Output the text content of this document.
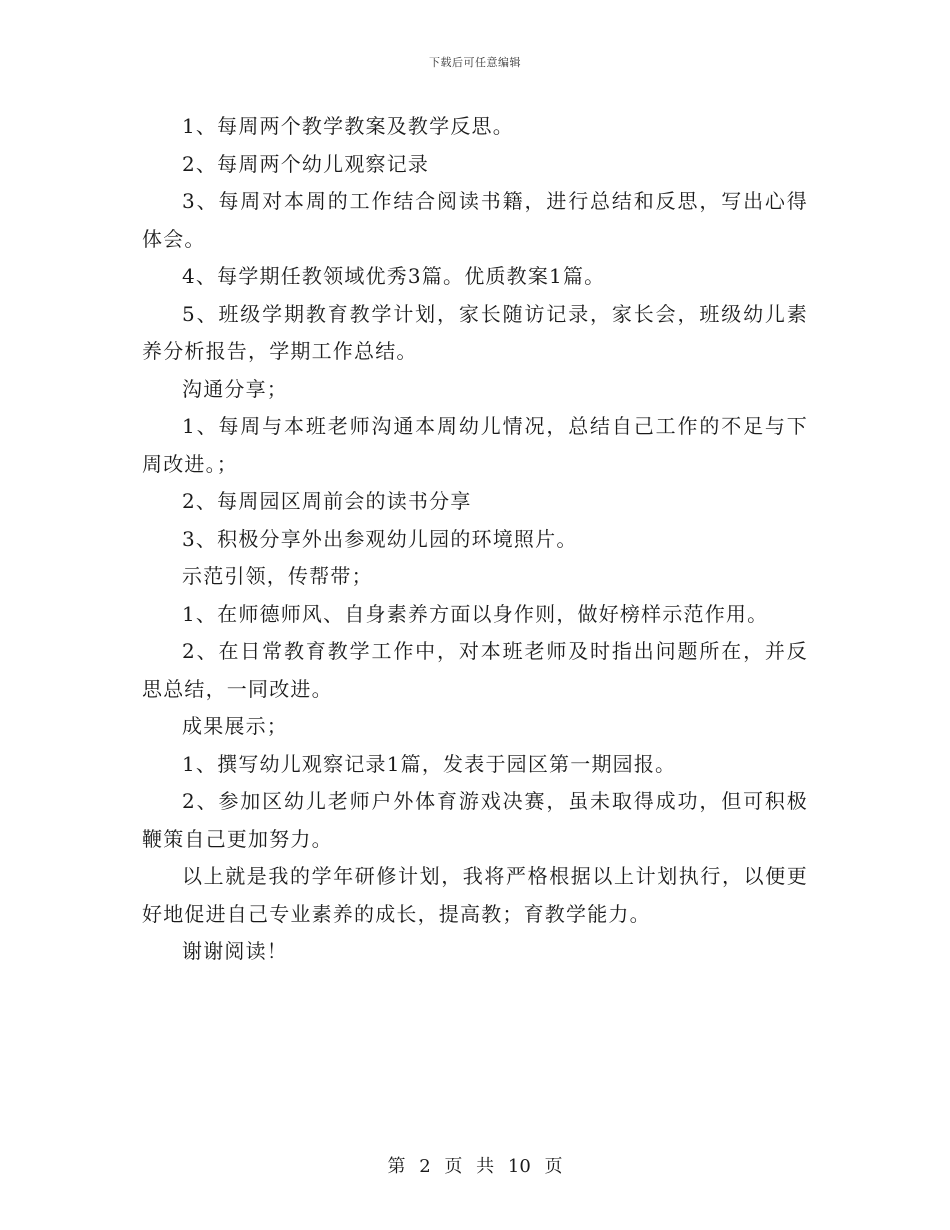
下载后可任意编辑

1、每周两个教学教案及教学反思。

2、每周两个幼儿观察记录

3、每周对本周的工作结合阅读书籍，进行总结和反思，写出心得体会。

4、每学期任教领域优秀3篇。优质教案1篇。

5、班级学期教育教学计划，家长随访记录，家长会，班级幼儿素养分析报告，学期工作总结。

沟通分享；

1、每周与本班老师沟通本周幼儿情况，总结自己工作的不足与下周改进。；

2、每周园区周前会的读书分享

3、积极分享外出参观幼儿园的环境照片。

示范引领，传帮带；

1、在师德师风、自身素养方面以身作则，做好榜样示范作用。

2、在日常教育教学工作中，对本班老师及时指出问题所在，并反思总结，一同改进。

成果展示；

1、撰写幼儿观察记录1篇，发表于园区第一期园报。

2、参加区幼儿老师户外体育游戏决赛，虽未取得成功，但可积极鞭策自己更加努力。

以上就是我的学年研修计划，我将严格根据以上计划执行，以便更好地促进自己专业素养的成长，提高教；育教学能力。

谢谢阅读！

第 2 页 共 10 页
